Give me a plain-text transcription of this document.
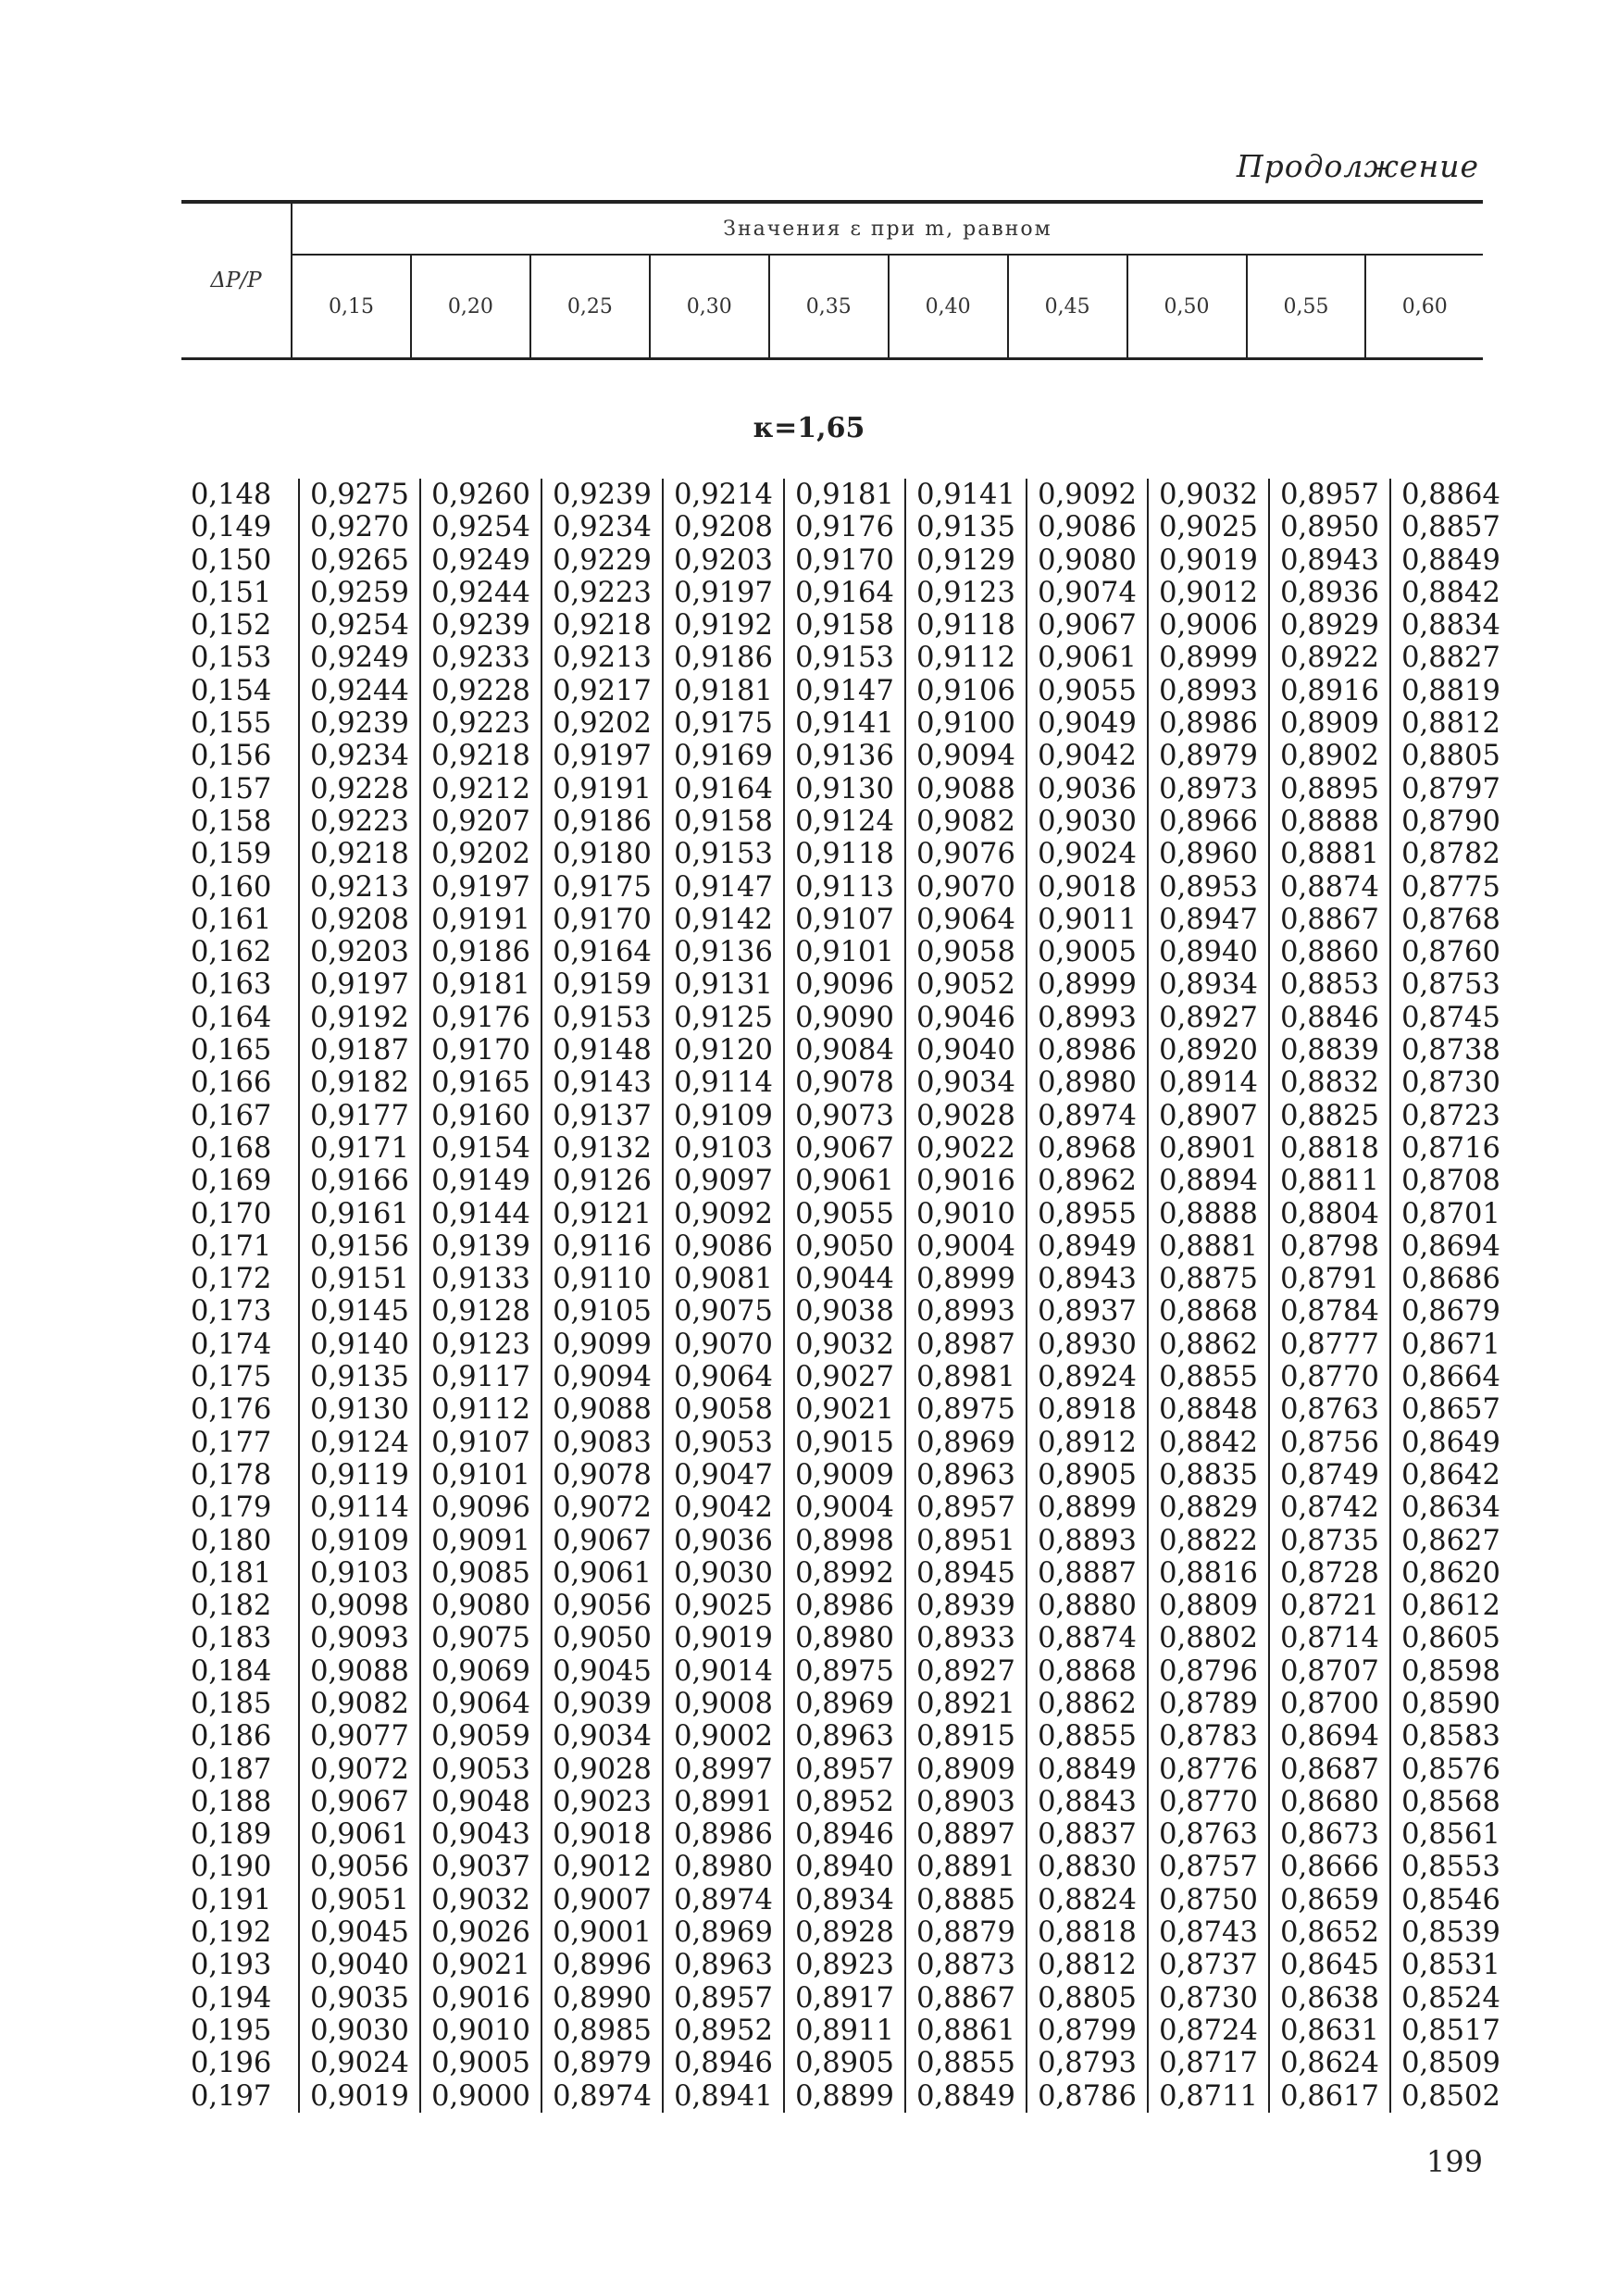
Продолжение
ΔP/P	Значения ε при m, равном									
	0,15	0,20	0,25	0,30	0,35	0,40	0,45	0,50	0,55	0,60
κ=1,65
0,148	0,9275 0,9260 0,9239 0,9214 0,9181 0,9141 0,9092 0,9032 0,8957 0,8864
0,149	0,9270 0,9254 0,9234 0,9208 0,9176 0,9135 0,9086 0,9025 0,8950 0,8857
0,150	0,9265 0,9249 0,9229 0,9203 0,9170 0,9129 0,9080 0,9019 0,8943 0,8849
0,151	0,9259 0,9244 0,9223 0,9197 0,9164 0,9123 0,9074 0,9012 0,8936 0,8842
0,152	0,9254 0,9239 0,9218 0,9192 0,9158 0,9118 0,9067 0,9006 0,8929 0,8834
0,153	0,9249 0,9233 0,9213 0,9186 0,9153 0,9112 0,9061 0,8999 0,8922 0,8827
0,154	0,9244 0,9228 0,9217 0,9181 0,9147 0,9106 0,9055 0,8993 0,8916 0,8819
0,155	0,9239 0,9223 0,9202 0,9175 0,9141 0,9100 0,9049 0,8986 0,8909 0,8812
0,156	0,9234 0,9218 0,9197 0,9169 0,9136 0,9094 0,9042 0,8979 0,8902 0,8805
0,157	0,9228 0,9212 0,9191 0,9164 0,9130 0,9088 0,9036 0,8973 0,8895 0,8797
0,158	0,9223 0,9207 0,9186 0,9158 0,9124 0,9082 0,9030 0,8966 0,8888 0,8790
0,159	0,9218 0,9202 0,9180 0,9153 0,9118 0,9076 0,9024 0,8960 0,8881 0,8782
0,160	0,9213 0,9197 0,9175 0,9147 0,9113 0,9070 0,9018 0,8953 0,8874 0,8775
0,161	0,9208 0,9191 0,9170 0,9142 0,9107 0,9064 0,9011 0,8947 0,8867 0,8768
0,162	0,9203 0,9186 0,9164 0,9136 0,9101 0,9058 0,9005 0,8940 0,8860 0,8760
0,163	0,9197 0,9181 0,9159 0,9131 0,9096 0,9052 0,8999 0,8934 0,8853 0,8753
0,164	0,9192 0,9176 0,9153 0,9125 0,9090 0,9046 0,8993 0,8927 0,8846 0,8745
0,165	0,9187 0,9170 0,9148 0,9120 0,9084 0,9040 0,8986 0,8920 0,8839 0,8738
0,166	0,9182 0,9165 0,9143 0,9114 0,9078 0,9034 0,8980 0,8914 0,8832 0,8730
0,167	0,9177 0,9160 0,9137 0,9109 0,9073 0,9028 0,8974 0,8907 0,8825 0,8723
0,168	0,9171 0,9154 0,9132 0,9103 0,9067 0,9022 0,8968 0,8901 0,8818 0,8716
0,169	0,9166 0,9149 0,9126 0,9097 0,9061 0,9016 0,8962 0,8894 0,8811 0,8708
0,170	0,9161 0,9144 0,9121 0,9092 0,9055 0,9010 0,8955 0,8888 0,8804 0,8701
0,171	0,9156 0,9139 0,9116 0,9086 0,9050 0,9004 0,8949 0,8881 0,8798 0,8694
0,172	0,9151 0,9133 0,9110 0,9081 0,9044 0,8999 0,8943 0,8875 0,8791 0,8686
0,173	0,9145 0,9128 0,9105 0,9075 0,9038 0,8993 0,8937 0,8868 0,8784 0,8679
0,174	0,9140 0,9123 0,9099 0,9070 0,9032 0,8987 0,8930 0,8862 0,8777 0,8671
0,175	0,9135 0,9117 0,9094 0,9064 0,9027 0,8981 0,8924 0,8855 0,8770 0,8664
0,176	0,9130 0,9112 0,9088 0,9058 0,9021 0,8975 0,8918 0,8848 0,8763 0,8657
0,177	0,9124 0,9107 0,9083 0,9053 0,9015 0,8969 0,8912 0,8842 0,8756 0,8649
0,178	0,9119 0,9101 0,9078 0,9047 0,9009 0,8963 0,8905 0,8835 0,8749 0,8642
0,179	0,9114 0,9096 0,9072 0,9042 0,9004 0,8957 0,8899 0,8829 0,8742 0,8634
0,180	0,9109 0,9091 0,9067 0,9036 0,8998 0,8951 0,8893 0,8822 0,8735 0,8627
0,181	0,9103 0,9085 0,9061 0,9030 0,8992 0,8945 0,8887 0,8816 0,8728 0,8620
0,182	0,9098 0,9080 0,9056 0,9025 0,8986 0,8939 0,8880 0,8809 0,8721 0,8612
0,183	0,9093 0,9075 0,9050 0,9019 0,8980 0,8933 0,8874 0,8802 0,8714 0,8605
0,184	0,9088 0,9069 0,9045 0,9014 0,8975 0,8927 0,8868 0,8796 0,8707 0,8598
0,185	0,9082 0,9064 0,9039 0,9008 0,8969 0,8921 0,8862 0,8789 0,8700 0,8590
0,186	0,9077 0,9059 0,9034 0,9002 0,8963 0,8915 0,8855 0,8783 0,8694 0,8583
0,187	0,9072 0,9053 0,9028 0,8997 0,8957 0,8909 0,8849 0,8776 0,8687 0,8576
0,188	0,9067 0,9048 0,9023 0,8991 0,8952 0,8903 0,8843 0,8770 0,8680 0,8568
0,189	0,9061 0,9043 0,9018 0,8986 0,8946 0,8897 0,8837 0,8763 0,8673 0,8561
0,190	0,9056 0,9037 0,9012 0,8980 0,8940 0,8891 0,8830 0,8757 0,8666 0,8553
0,191	0,9051 0,9032 0,9007 0,8974 0,8934 0,8885 0,8824 0,8750 0,8659 0,8546
0,192	0,9045 0,9026 0,9001 0,8969 0,8928 0,8879 0,8818 0,8743 0,8652 0,8539
0,193	0,9040 0,9021 0,8996 0,8963 0,8923 0,8873 0,8812 0,8737 0,8645 0,8531
0,194	0,9035 0,9016 0,8990 0,8957 0,8917 0,8867 0,8805 0,8730 0,8638 0,8524
0,195	0,9030 0,9010 0,8985 0,8952 0,8911 0,8861 0,8799 0,8724 0,8631 0,8517
0,196	0,9024 0,9005 0,8979 0,8946 0,8905 0,8855 0,8793 0,8717 0,8624 0,8509
0,197	0,9019 0,9000 0,8974 0,8941 0,8899 0,8849 0,8786 0,8711 0,8617 0,8502
199
